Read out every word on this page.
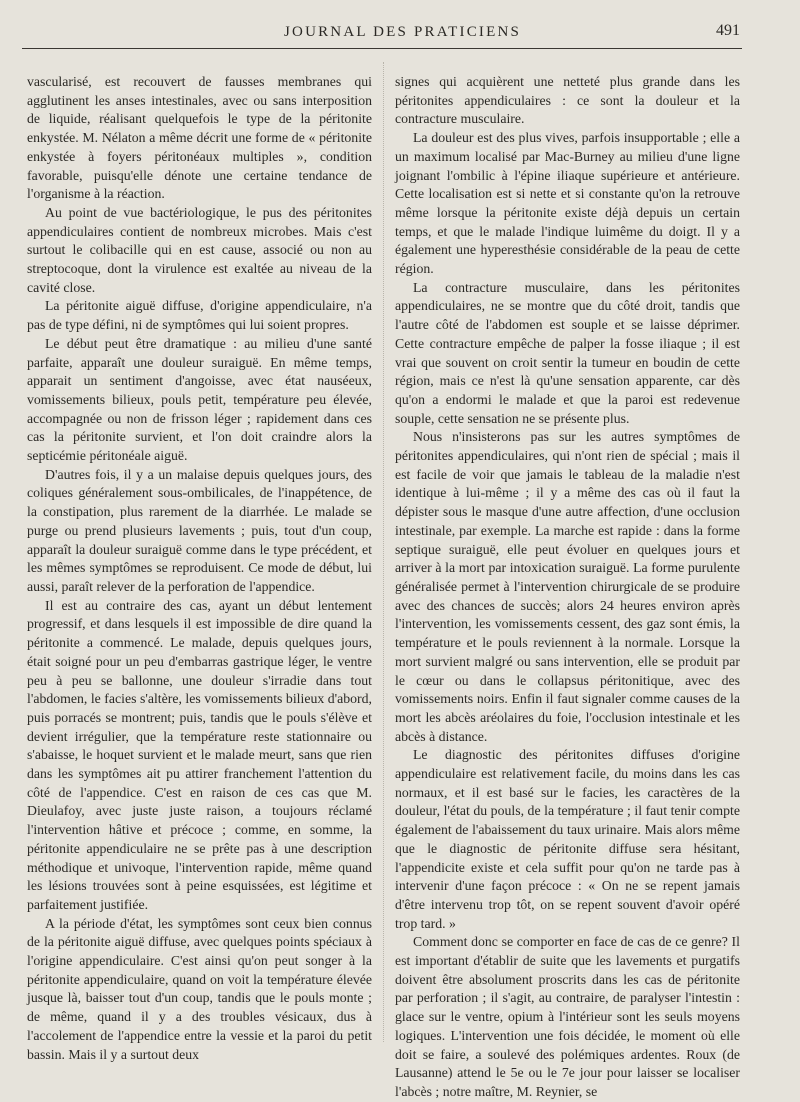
JOURNAL DES PRATICIENS	491

vascularisé, est recouvert de fausses membranes qui agglutinent les anses intestinales, avec ou sans interposition de liquide, réalisant quelquefois le type de la péritonite enkystée. M. Nélaton a même décrit une forme de « péritonite enkystée à foyers péritonéaux multiples », condition favorable, puisqu'elle dénote une certaine tendance de l'organisme à la réaction.

Au point de vue bactériologique, le pus des péritonites appendiculaires contient de nombreux microbes. Mais c'est surtout le colibacille qui en est cause, associé ou non au streptocoque, dont la virulence est exaltée au niveau de la cavité close.

La péritonite aiguë diffuse, d'origine appendiculaire, n'a pas de type défini, ni de symptômes qui lui soient propres.

Le début peut être dramatique : au milieu d'une santé parfaite, apparaît une douleur suraiguë. En même temps, apparait un sentiment d'angoisse, avec état nauséeux, vomissements bilieux, pouls petit, température peu élevée, accompagnée ou non de frisson léger ; rapidement dans ces cas la péritonite survient, et l'on doit craindre alors la septicémie péritonéale aiguë.

D'autres fois, il y a un malaise depuis quelques jours, des coliques généralement sous-ombilicales, de l'inappétence, de la constipation, plus rarement de la diarrhée. Le malade se purge ou prend plusieurs lavements ; puis, tout d'un coup, apparaît la douleur suraiguë comme dans le type précédent, et les mêmes symptômes se reproduisent. Ce mode de début, lui aussi, paraît relever de la perforation de l'appendice.

Il est au contraire des cas, ayant un début lentement progressif, et dans lesquels il est impossible de dire quand la péritonite a commencé. Le malade, depuis quelques jours, était soigné pour un peu d'embarras gastrique léger, le ventre peu à peu se ballonne, une douleur s'irradie dans tout l'abdomen, le facies s'altère, les vomissements bilieux d'abord, puis porracés se montrent; puis, tandis que le pouls s'élève et devient irrégulier, que la température reste stationnaire ou s'abaisse, le hoquet survient et le malade meurt, sans que rien dans les symptômes ait pu attirer franchement l'attention du côté de l'appendice. C'est en raison de ces cas que M. Dieulafoy, avec juste juste raison, a toujours réclamé l'intervention hâtive et précoce ; comme, en somme, la péritonite appendiculaire ne se prête pas à une description méthodique et univoque, l'intervention rapide, même quand les lésions trouvées sont à peine esquissées, est légitime et parfaitement justifiée.

A la période d'état, les symptômes sont ceux bien connus de la péritonite aiguë diffuse, avec quelques points spéciaux à l'origine appendiculaire. C'est ainsi qu'on peut songer à la péritonite appendiculaire, quand on voit la température élevée jusque là, baisser tout d'un coup, tandis que le pouls monte ; de même, quand il y a des troubles vésicaux, dus à l'accolement de l'appendice entre la vessie et la paroi du petit bassin. Mais il y a surtout deux

signes qui acquièrent une netteté plus grande dans les péritonites appendiculaires : ce sont la douleur et la contracture musculaire.

La douleur est des plus vives, parfois insupportable ; elle a un maximum localisé par Mac-Burney au milieu d'une ligne joignant l'ombilic à l'épine iliaque supérieure et antérieure. Cette localisation est si nette et si constante qu'on la retrouve même lorsque la péritonite existe déjà depuis un certain temps, et que le malade l'indique luimême du doigt. Il y a également une hyperesthésie considérable de la peau de cette région.

La contracture musculaire, dans les péritonites appendiculaires, ne se montre que du côté droit, tandis que l'autre côté de l'abdomen est souple et se laisse déprimer. Cette contracture empêche de palper la fosse iliaque ; il est vrai que souvent on croit sentir la tumeur en boudin de cette région, mais ce n'est là qu'une sensation apparente, car dès qu'on a endormi le malade et que la paroi est redevenue souple, cette sensation ne se présente plus.

Nous n'insisterons pas sur les autres symptômes de péritonites appendiculaires, qui n'ont rien de spécial ; mais il est facile de voir que jamais le tableau de la maladie n'est identique à lui-même ; il y a même des cas où il faut la dépister sous le masque d'une autre affection, d'une occlusion intestinale, par exemple. La marche est rapide : dans la forme septique suraiguë, elle peut évoluer en quelques jours et arriver à la mort par intoxication suraiguë. La forme purulente généralisée permet à l'intervention chirurgicale de se produire avec des chances de succès; alors 24 heures environ après l'intervention, les vomissements cessent, des gaz sont émis, la température et le pouls reviennent à la normale. Lorsque la mort survient malgré ou sans intervention, elle se produit par le cœur ou dans le collapsus péritonitique, avec des vomissements noirs. Enfin il faut signaler comme causes de la mort les abcès aréolaires du foie, l'occlusion intestinale et les abcès à distance.

Le diagnostic des péritonites diffuses d'origine appendiculaire est relativement facile, du moins dans les cas normaux, et il est basé sur le facies, les caractères de la douleur, l'état du pouls, de la température ; il faut tenir compte également de l'abaissement du taux urinaire. Mais alors même que le diagnostic de péritonite diffuse sera hésitant, l'appendicite existe et cela suffit pour qu'on ne tarde pas à intervenir d'une façon précoce : « On ne se repent jamais d'être intervenu trop tôt, on se repent souvent d'avoir opéré trop tard. »

Comment donc se comporter en face de cas de ce genre? Il est important d'établir de suite que les lavements et purgatifs doivent être absolument proscrits dans les cas de péritonite par perforation ; il s'agit, au contraire, de paralyser l'intestin : glace sur le ventre, opium à l'intérieur sont les seuls moyens logiques. L'intervention une fois décidée, le moment où elle doit se faire, a soulevé des polémiques ardentes. Roux (de Lausanne) attend le 5e ou le 7e jour pour laisser se localiser l'abcès ; notre maître, M. Reynier, se
